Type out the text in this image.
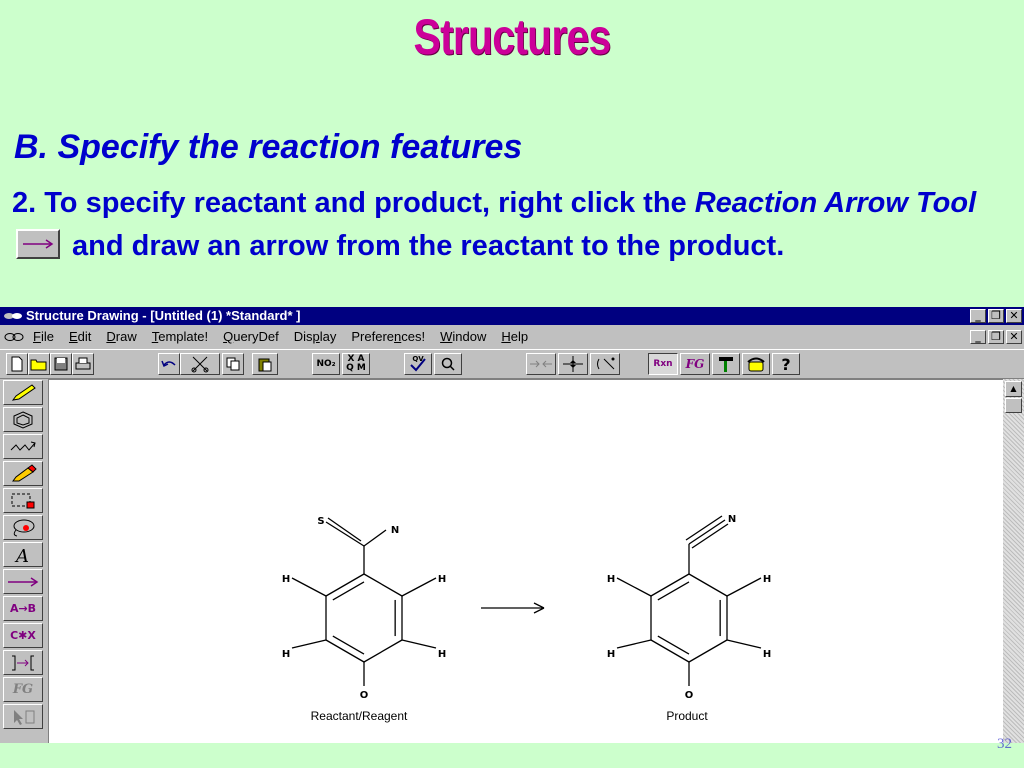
Structures
B. Specify the reaction features
2. To specify reactant and product, right click the Reaction Arrow Tool
and draw an arrow from the reactant to the product.
Structure Drawing - [Untitled (1) *Standard* ]	_ ❐ ✕
File Edit Draw Template! QueryDef Display Preferences! Window Help	_ ❐ ✕
NO₂ X A
Q M
QV	Rxn FG	?
A
A→B
C✱X
FG
H	H
H	H
O
S
N
Reactant/Reagent
H	H
H	H
O
N
Product
▲
32
